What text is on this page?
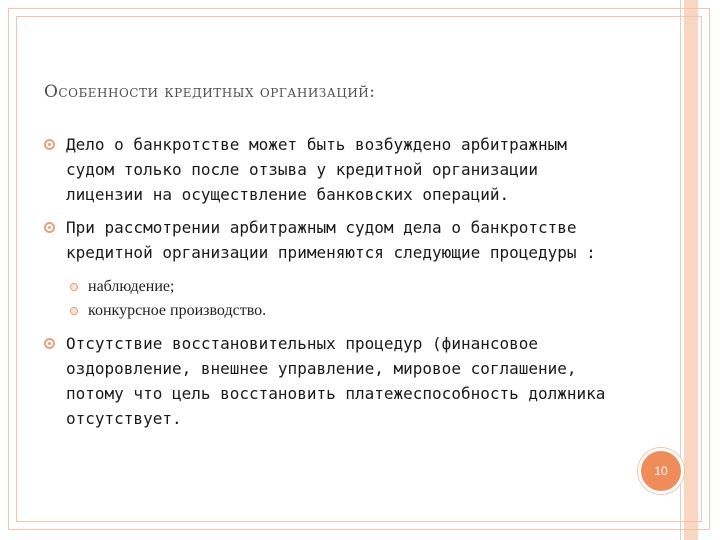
Особенности кредитных организаций:
Дело о банкротстве может быть возбуждено арбитражным судом только после отзыва у кредитной организации лицензии на осуществление банковских операций.
При рассмотрении арбитражным судом дела о банкротстве кредитной организации применяются следующие процедуры :
наблюдение;
конкурсное производство.
Отсутствие восстановительных процедур (финансовое оздоровление, внешнее управление, мировое соглашение, потому что цель восстановить платежеспособность должника отсутствует.
10
